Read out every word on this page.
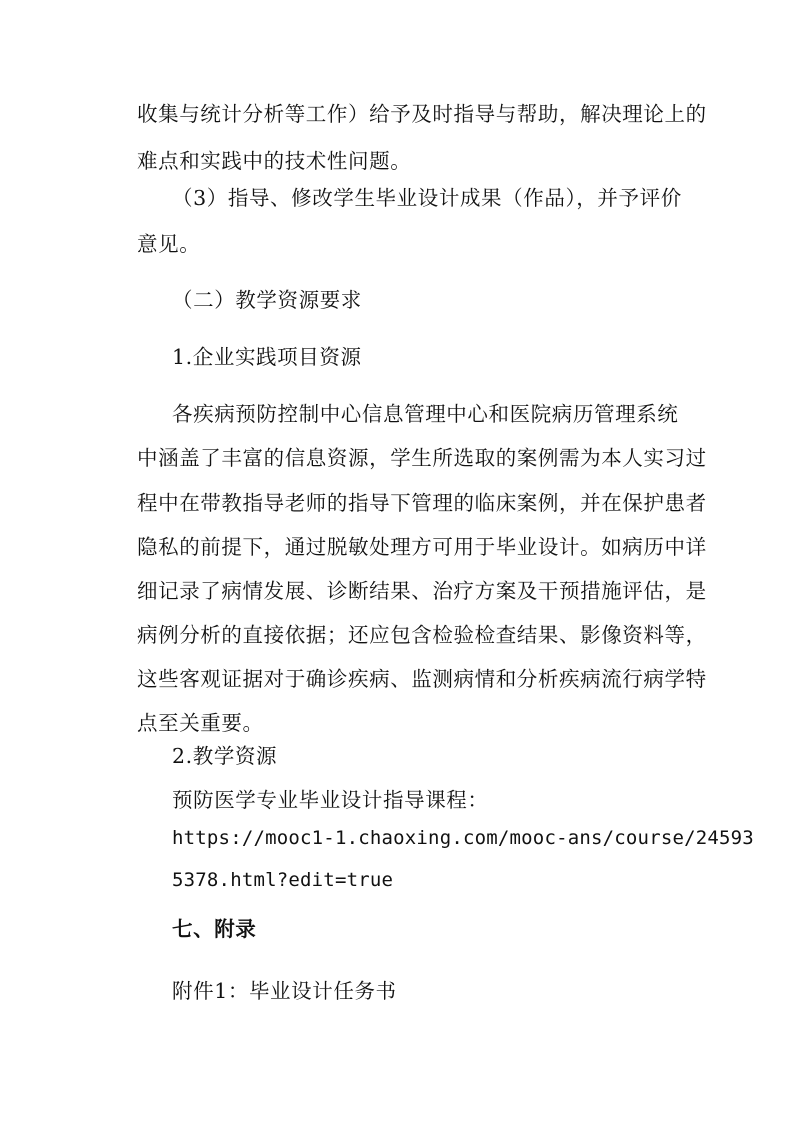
收集与统计分析等工作）给予及时指导与帮助，解决理论上的
难点和实践中的技术性问题。
（3）指导、修改学生毕业设计成果（作品），并予评价
意见。
（二）教学资源要求
1.企业实践项目资源
各疾病预防控制中心信息管理中心和医院病历管理系统
中涵盖了丰富的信息资源，学生所选取的案例需为本人实习过
程中在带教指导老师的指导下管理的临床案例，并在保护患者
隐私的前提下，通过脱敏处理方可用于毕业设计。如病历中详
细记录了病情发展、诊断结果、治疗方案及干预措施评估，是
病例分析的直接依据；还应包含检验检查结果、影像资料等，
这些客观证据对于确诊疾病、监测病情和分析疾病流行病学特
点至关重要。
2.教学资源
预防医学专业毕业设计指导课程：
https://mooc1-1.chaoxing.com/mooc-ans/course/24593
5378.html?edit=true
七、附录
附件1：毕业设计任务书
